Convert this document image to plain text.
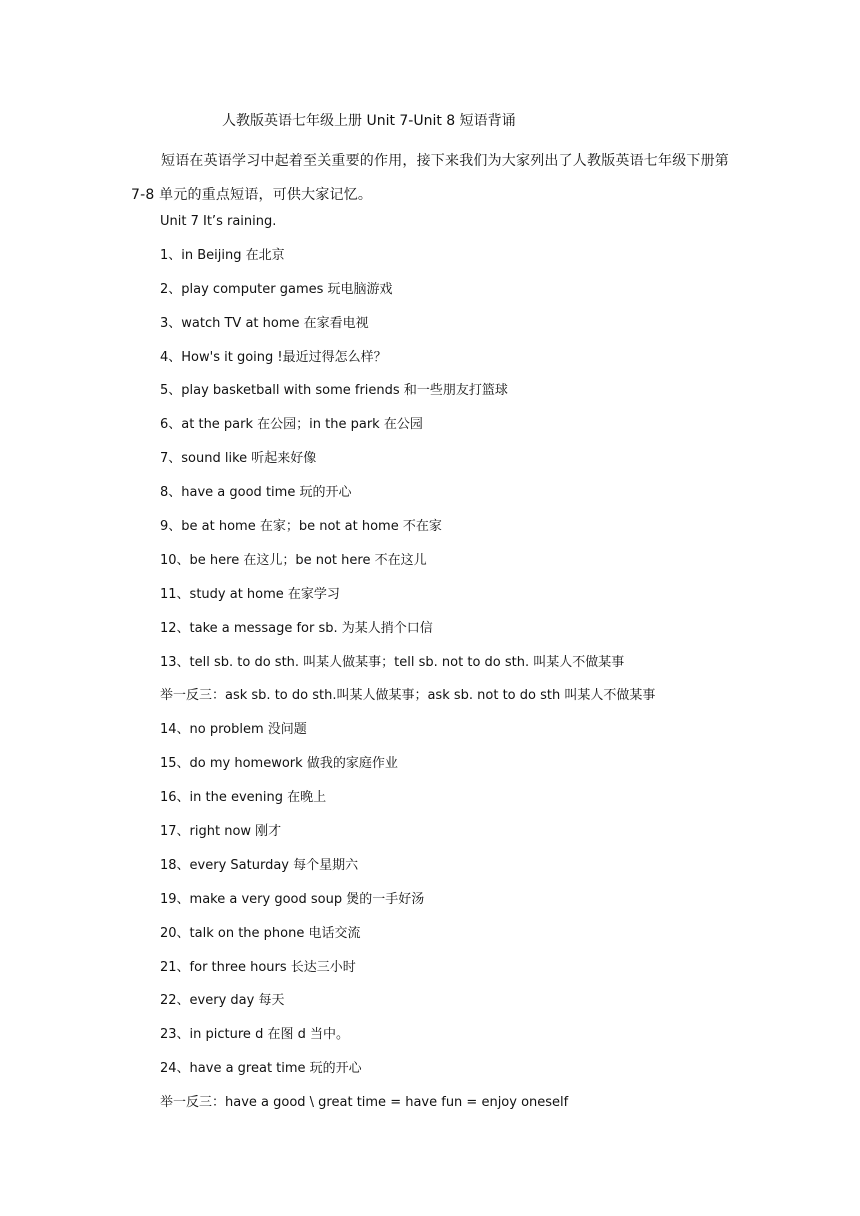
人教版英语七年级上册 Unit 7-Unit 8 短语背诵

短语在英语学习中起着至关重要的作用，接下来我们为大家列出了人教版英语七年级下册第 7-8 单元的重点短语，可供大家记忆。

Unit 7 It’s raining.
1、in Beijing 在北京
2、play computer games 玩电脑游戏
3、watch TV at home 在家看电视
4、How's it going !最近过得怎么样？
5、play basketball with some friends 和一些朋友打篮球
6、at the park 在公园；in the park 在公园
7、sound like 听起来好像
8、have a good time 玩的开心
9、be at home 在家；be not at home 不在家
10、be here 在这儿；be not here 不在这儿
11、study at home 在家学习
12、take a message for sb. 为某人捎个口信
13、tell sb. to do sth. 叫某人做某事；tell sb. not to do sth. 叫某人不做某事
举一反三：ask sb. to do sth.叫某人做某事；ask sb. not to do sth 叫某人不做某事
14、no problem 没问题
15、do my homework 做我的家庭作业
16、in the evening 在晚上
17、right now 刚才
18、every Saturday 每个星期六
19、make a very good soup 煲的一手好汤
20、talk on the phone 电话交流
21、for three hours 长达三小时
22、every day 每天
23、in picture d 在图 d 当中。
24、have a great time 玩的开心
举一反三：have a good \ great time = have fun = enjoy oneself
